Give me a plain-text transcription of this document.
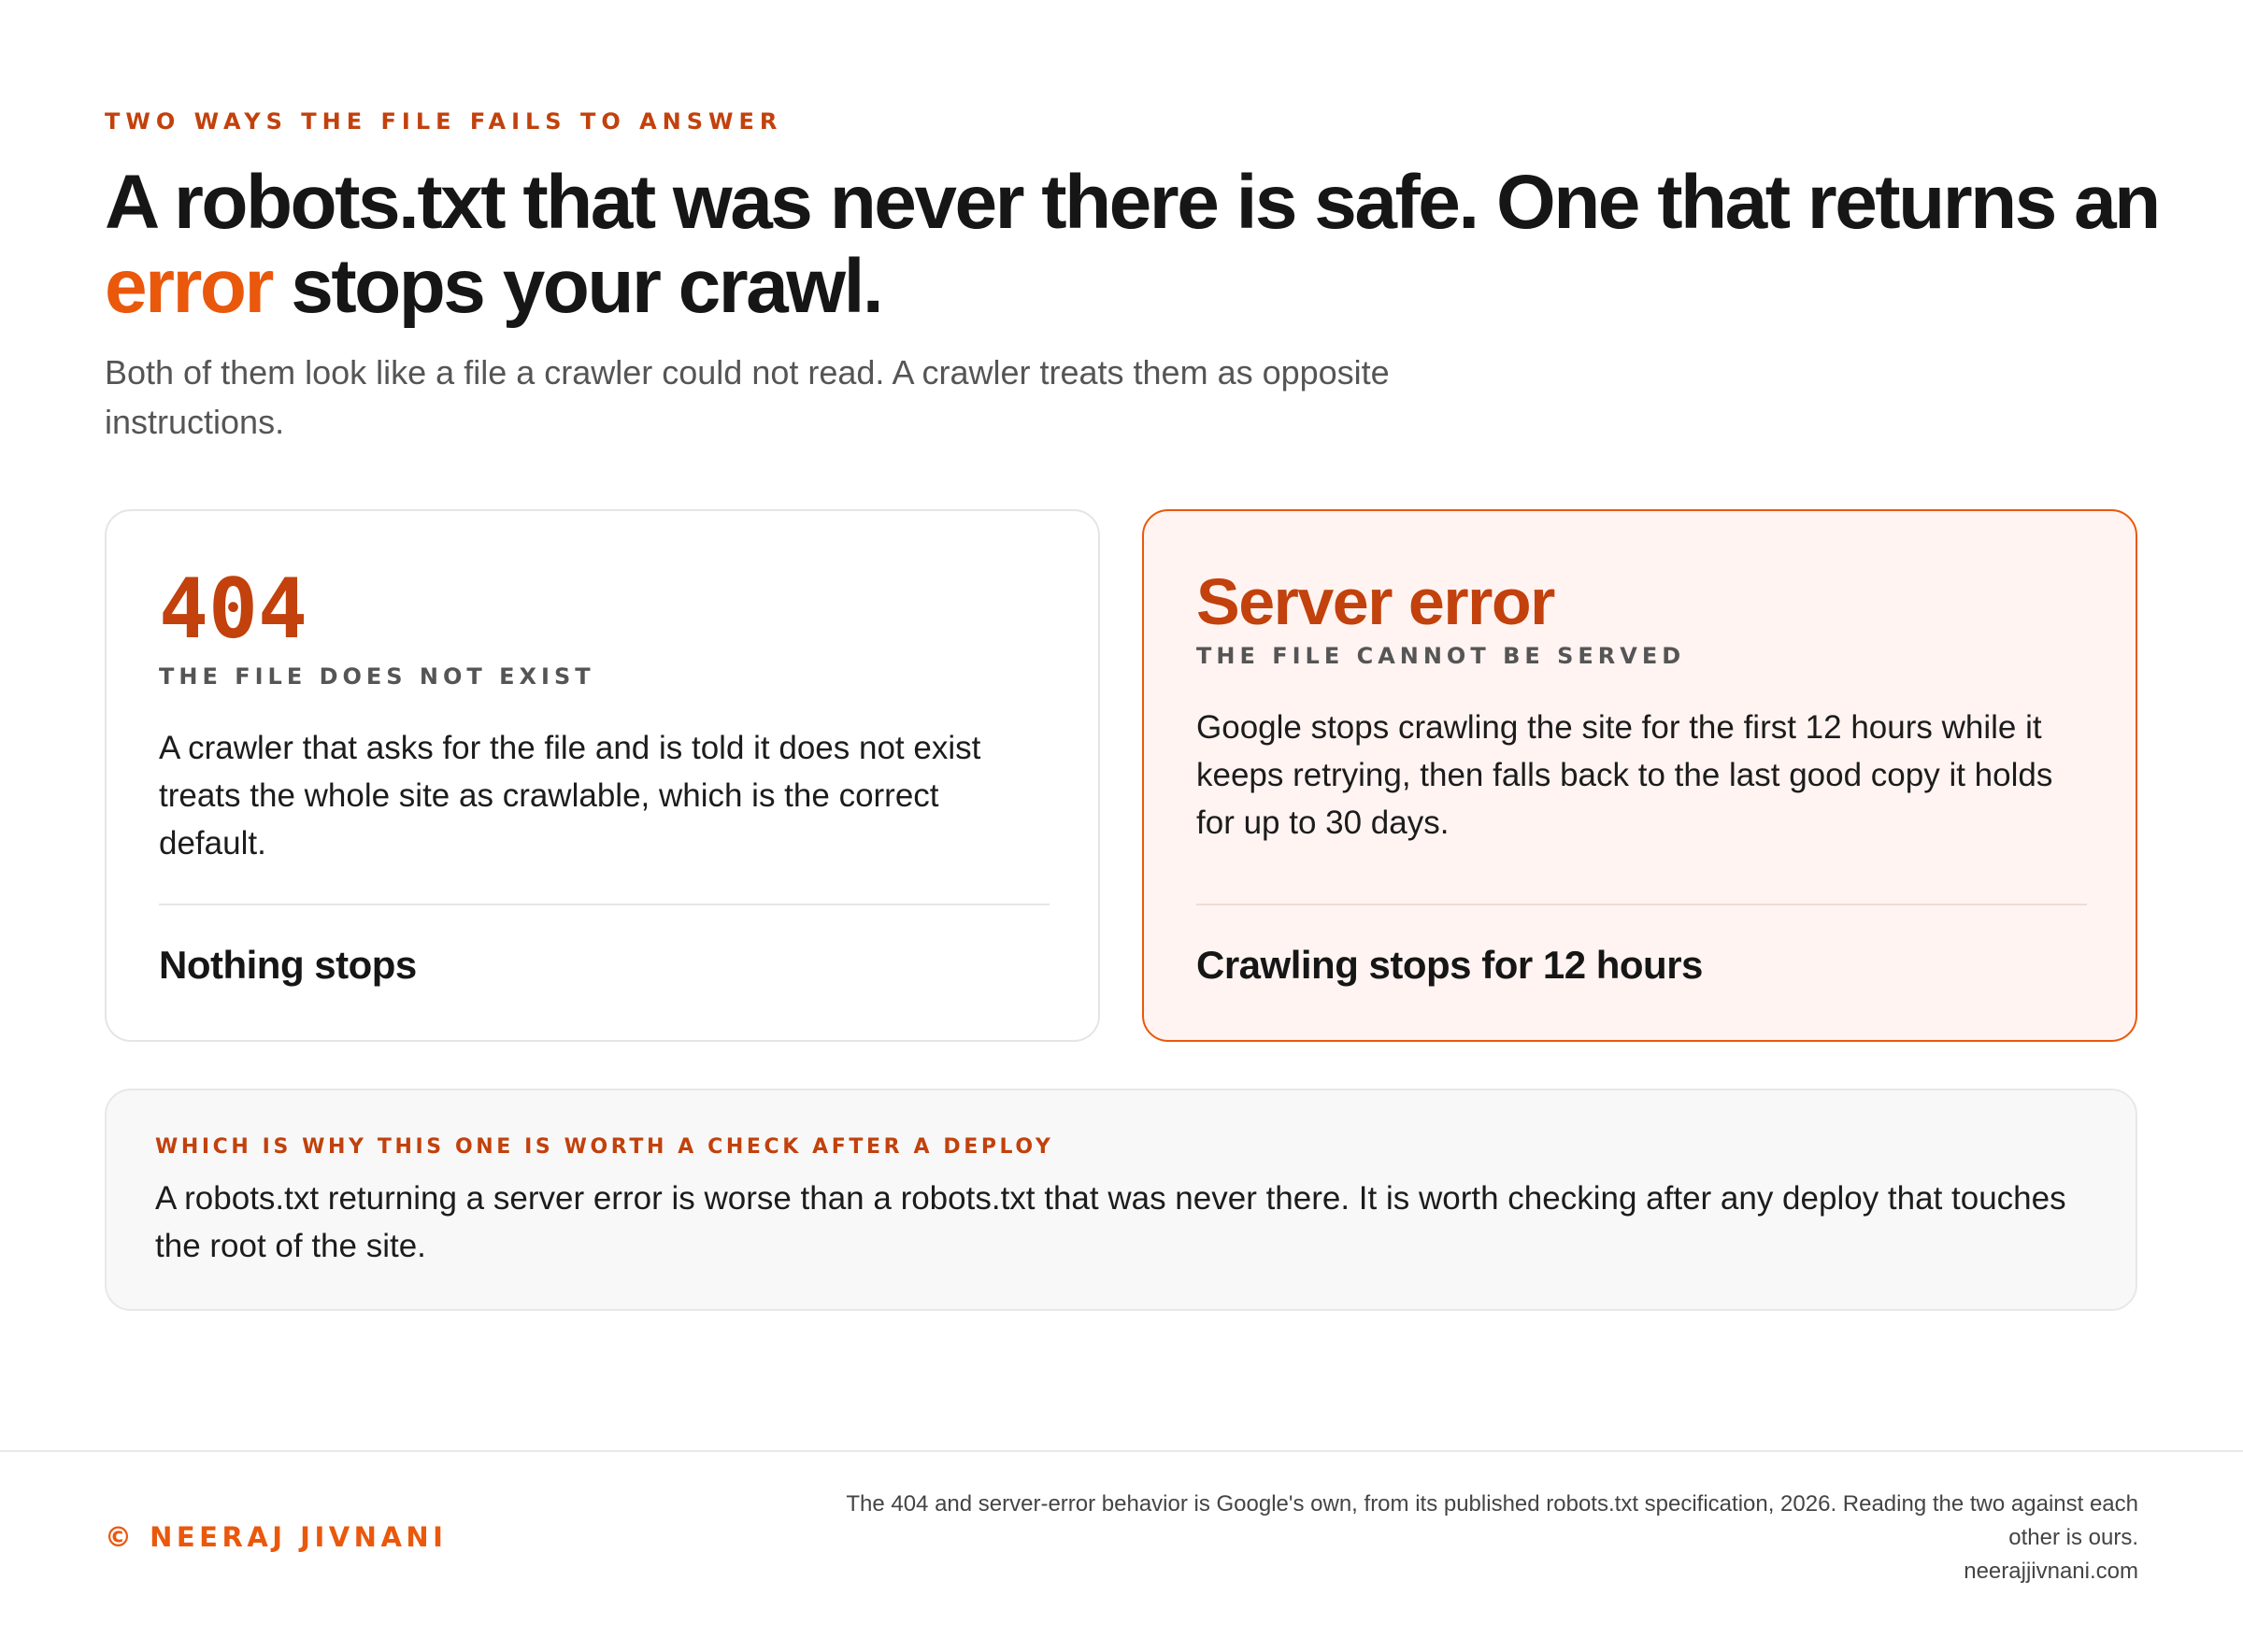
TWO WAYS THE FILE FAILS TO ANSWER
A robots.txt that was never there is safe. One that returns an error stops your crawl.

Both of them look like a file a crawler could not read. A crawler treats them as opposite instructions.

404
THE FILE DOES NOT EXIST
A crawler that asks for the file and is told it does not exist treats the whole site as crawlable, which is the correct default.
Nothing stops
Server error
THE FILE CANNOT BE SERVED
Google stops crawling the site for the first 12 hours while it keeps retrying, then falls back to the last good copy it holds for up to 30 days.
Crawling stops for 12 hours
WHICH IS WHY THIS ONE IS WORTH A CHECK AFTER A DEPLOY
A robots.txt returning a server error is worse than a robots.txt that was never there. It is worth checking after any deploy that touches the root of the site.
© NEERAJ JIVNANI
The 404 and server-error behavior is Google's own, from its published robots.txt specification, 2026. Reading the two against each other is ours.
neerajjivnani.com
